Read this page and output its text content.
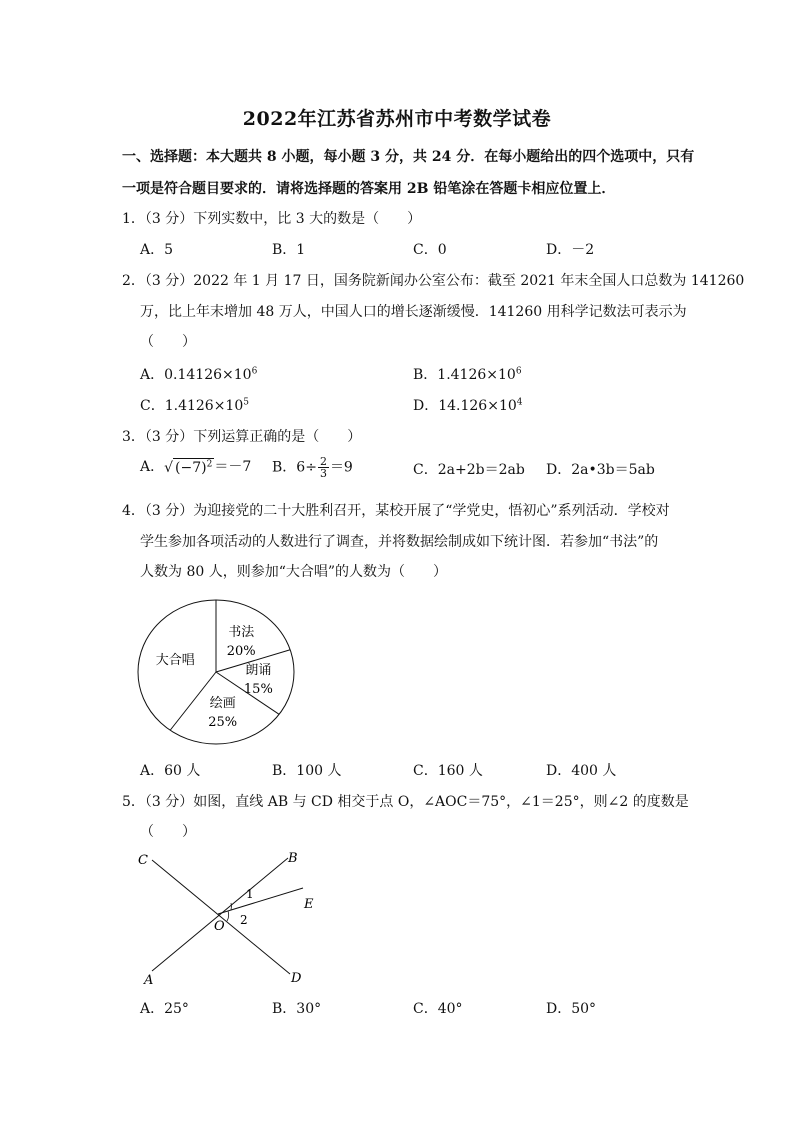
2022年江苏省苏州市中考数学试卷
一、选择题：本大题共 8 小题，每小题 3 分，共 24 分．在每小题给出的四个选项中，只有
一项是符合题目要求的．请将选择题的答案用 2B 铅笔涂在答题卡相应位置上．
1．（3 分）下列实数中，比 3 大的数是（　　）
A．5	B．1	C．0	D．－2
2．（3 分）2022 年 1 月 17 日，国务院新闻办公室公布：截至 2021 年末全国人口总数为 141260
万，比上年末增加 48 万人，中国人口的增长逐渐缓慢．141260 用科学记数法可表示为
（　　）
A．$0.14126\times 10^6$	B．$1.4126\times 10^6$
C．$1.4126\times 10^5$	D．$14.126\times 10^4$
3．（3 分）下列运算正确的是（　　）
A．√ $(-7)^2 =-7$ B．$6\div \frac{2}{3} =9$	C．2a+2b＝2ab D．2a•3b＝5ab
4．（3 分）为迎接党的二十大胜利召开，某校开展了“学党史，悟初心”系列活动．学校对
学生参加各项活动的人数进行了调查，并将数据绘制成如下统计图．若参加“书法”的
人数为 80 人，则参加“大合唱”的人数为（　　）
书法
20%
朗诵
15%
绘画
25%
大合唱
A．60 人	B．100 人	C．160 人	D．400 人
5．（3 分）如图，直线 AB 与 CD 相交于点 O，∠AOC＝75°，∠1＝25°，则∠2 的度数是
（　　）
C	B
E
A	D
O
1
2
A．25°	B．30°	C．40°	D．50°
